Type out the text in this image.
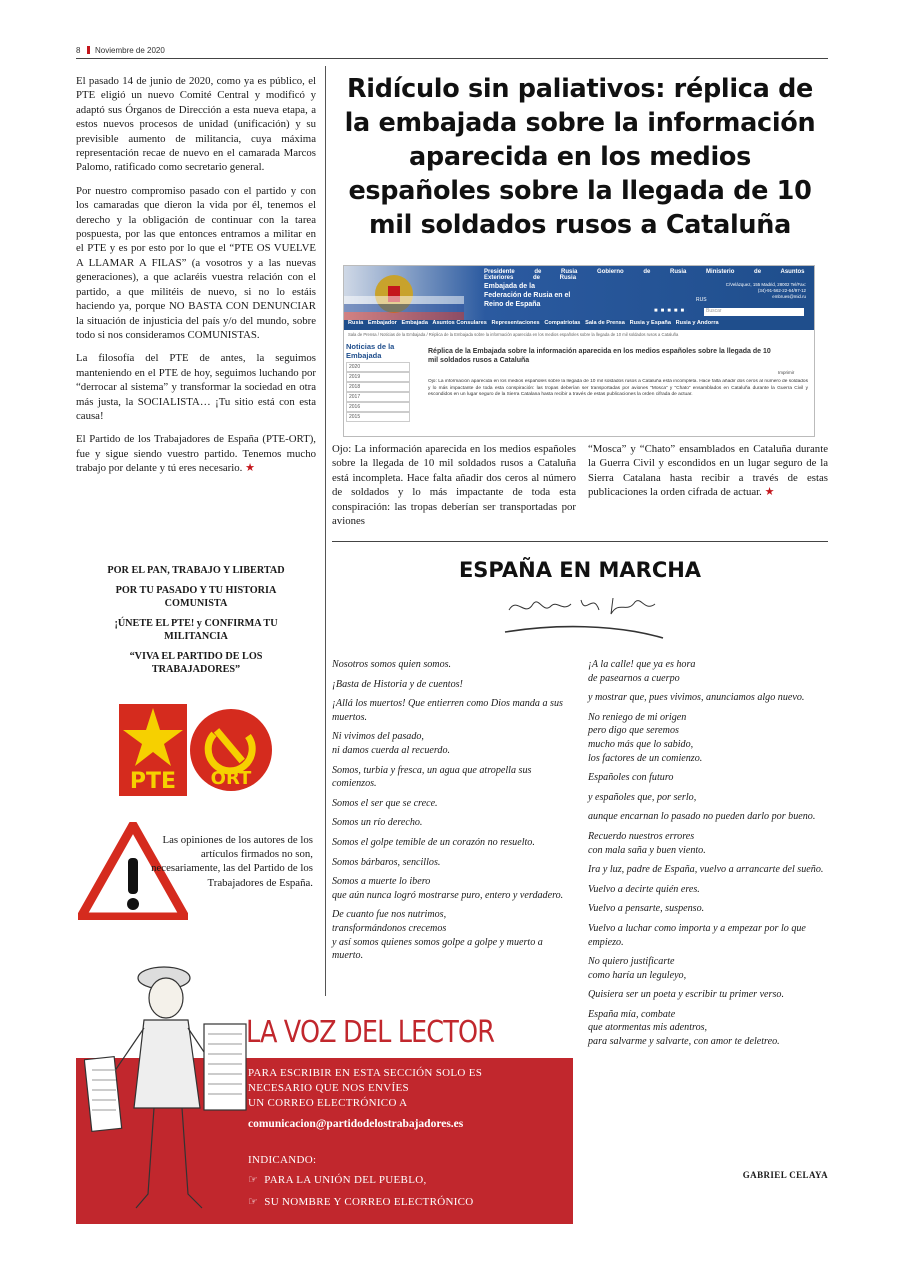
8 Noviembre de 2020

El pasado 14 de junio de 2020, como ya es público, el PTE eligió un nuevo Comité Central y modificó y adaptó sus Órganos de Dirección a esta nueva etapa, a estos nuevos procesos de unidad (unificación) y su previsible aumento de militancia, cuya máxima representación recae de nuevo en el camarada Marcos Palomo, ratificado como secretario general.

Por nuestro compromiso pasado con el partido y con los camaradas que dieron la vida por él, tenemos el derecho y la obligación de continuar con la tarea pospuesta, por las que entonces entramos a militar en el PTE y es por esto por lo que el “PTE OS VUELVE A LLAMAR A FILAS” (a vosotros y a las nuevas generaciones), a que aclaréis vuestra relación con el partido, a que militéis de nuevo, si no lo estáis haciendo ya, porque NO BASTA CON DENUNCIAR la situación de injusticia del país y/o del mundo, sobre todo si nos consideramos COMUNISTAS.

La filosofía del PTE de antes, la seguimos manteniendo en el PTE de hoy, seguimos luchando por “derrocar al sistema” y transformar la sociedad en otra más justa, la SOCIALISTA… ¡Tu sitio está con esta causa!

El Partido de los Trabajadores de España (PTE-ORT), fue y sigue siendo vuestro partido. Tenemos mucho trabajo por delante y tú eres necesario. ★

POR EL PAN, TRABAJO Y LIBERTAD
POR TU PASADO Y TU HISTORIA COMUNISTA
¡ÚNETE EL PTE! y CONFIRMA TU MILITANCIA
“VIVA EL PARTIDO DE LOS TRABAJADORES”
PTE ORT
Las opiniones de los autores de los artículos firmados no son, necesariamente, las del Partido de los Trabajadores de España.
Ridículo sin paliativos: réplica de la embajada sobre la información aparecida en los medios españoles sobre la llegada de 10 mil soldados rusos a Cataluña
Presidente de Rusia	Gobierno de Rusia	Ministerio de Asuntos Exteriores de Rusia
Embajada de la Federación de Rusia en el Reino de España
C/Velázquez, 155 Madrid, 28002 Tel/Fax: (34)-91-562-22-64/97-12 embrues@mid.ru
RUS
■■■■■	Buscar
Rusia Embajador Embajada Asuntos Consulares Representaciones Compatriotas Sala de Prensa Rusia y España Rusia y Andorra
Sala de Prensa / Noticias de la Embajada / Réplica de la Embajada sobre la información aparecida en los medios españoles sobre la llegada de 10 mil soldados rusos a Cataluña
Noticias de la Embajada
2020
2019
2018
2017
2016
2015
Réplica de la Embajada sobre la información aparecida en los medios españoles sobre la llegada de 10 mil soldados rusos a Cataluña
Imprimir
Ojo: La información aparecida en los medios españoles sobre la llegada de 10 mil soldados rusos a Cataluña está incompleta. Hace falta añadir dos ceros al número de soldados y lo más impactante de toda esta conspiración: las tropas deberían ser transportadas por aviones “Mosca” y “Chato” ensamblados en Cataluña durante la Guerra Civil y escondidos en un lugar seguro de la Sierra Catalana hasta recibir a través de estas publicaciones la orden cifrada de actuar.

Ojo: La información aparecida en los medios españoles sobre la llegada de 10 mil soldados rusos a Cataluña está incompleta. Hace falta añadir dos ceros al número de soldados y lo más impactante de toda esta conspiración: las tropas deberían ser transportadas por aviones

“Mosca” y “Chato” ensamblados en Cataluña durante la Guerra Civil y escondidos en un lugar seguro de la Sierra Catalana hasta recibir a través de estas publicaciones la orden cifrada de actuar. ★

ESPAÑA EN MARCHA

Nosotros somos quien somos.

¡Basta de Historia y de cuentos!

¡Allá los muertos! Que entierren como Dios manda a sus muertos.

Ni vivimos del pasado,
ni damos cuerda al recuerdo.

Somos, turbia y fresca, un agua que atropella sus comienzos.

Somos el ser que se crece.

Somos un río derecho.

Somos el golpe temible de un corazón no resuelto.

Somos bárbaros, sencillos.

Somos a muerte lo ibero
que aún nunca logró mostrarse puro, entero y verdadero.

De cuanto fue nos nutrimos,
transformándonos crecemos
y así somos quienes somos golpe a golpe y muerto a muerto.

¡A la calle! que ya es hora
de pasearnos a cuerpo

y mostrar que, pues vivimos, anunciamos algo nuevo.

No reniego de mi origen
pero digo que seremos
mucho más que lo sabido,
los factores de un comienzo.

Españoles con futuro

y españoles que, por serlo,

aunque encarnan lo pasado no pueden darlo por bueno.

Recuerdo nuestros errores
con mala saña y buen viento.

Ira y luz, padre de España, vuelvo a arrancarte del sueño.

Vuelvo a decirte quién eres.

Vuelvo a pensarte, suspenso.

Vuelvo a luchar como importa y a empezar por lo que empiezo.

No quiero justificarte
como haría un leguleyo,

Quisiera ser un poeta y escribir tu primer verso.

España mía, combate
que atormentas mis adentros,
para salvarme y salvarte, con amor te deletreo.

GABRIEL CELAYA
LA VOZ DEL LECTOR
PARA ESCRIBIR EN ESTA SECCIÓN SOLO ES
NECESARIO QUE NOS ENVÍES
UN CORREO ELECTRÓNICO A
comunicacion@partidodelostrabajadores.es
INDICANDO:
☞ PARA LA UNIÓN DEL PUEBLO,
☞ SU NOMBRE Y CORREO ELECTRÓNICO
